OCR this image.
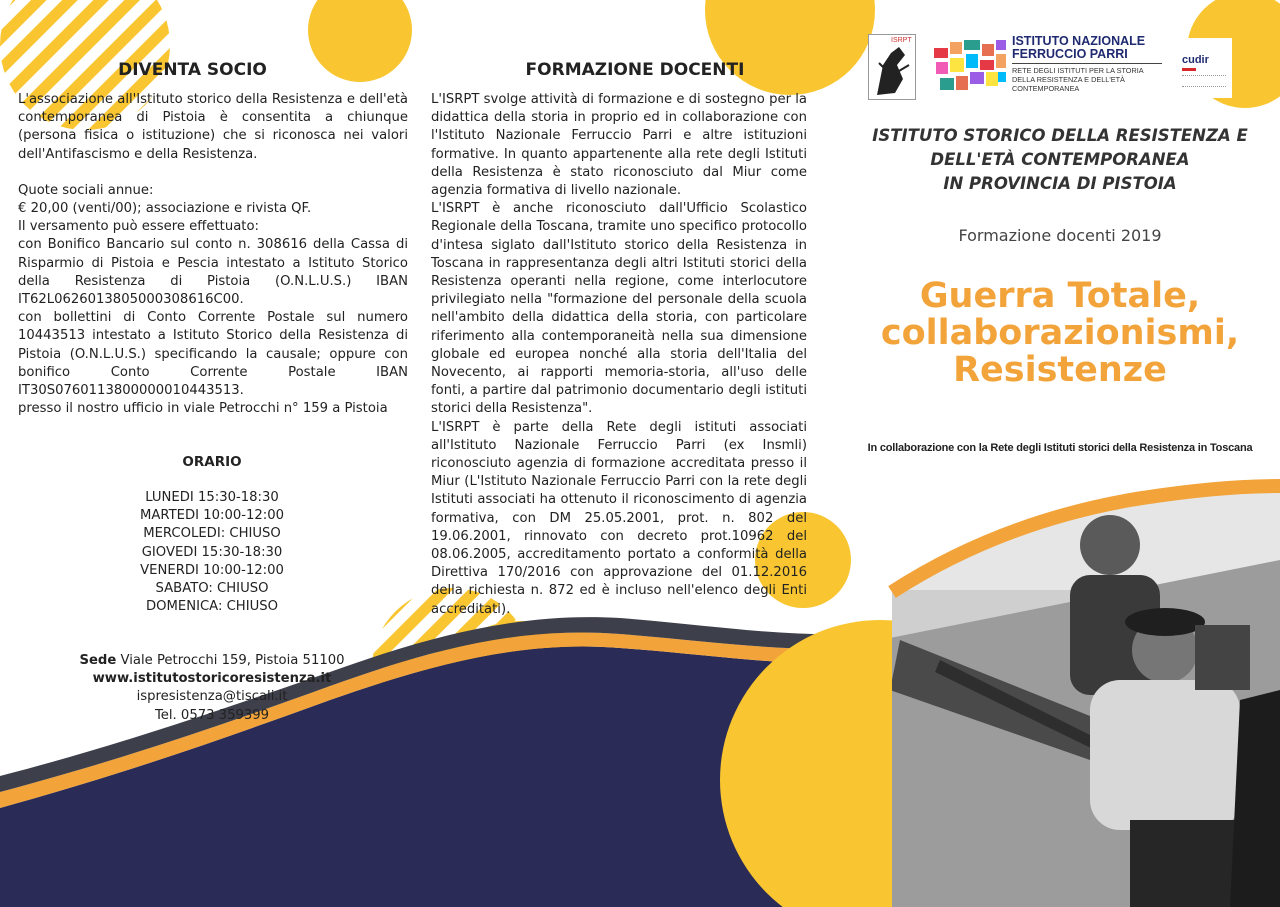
DIVENTA SOCIO

L'associazione all'Istituto storico della Resistenza e dell'età contemporanea di Pistoia è consentita a chiunque (persona fisica o istituzione) che si riconosca nei valori dell'Antifascismo e della Resistenza.

Quote sociali annue:

€ 20,00 (venti/00); associazione e rivista QF.

Il versamento può essere effettuato:

con Bonifico Bancario sul conto n. 308616 della Cassa di Risparmio di Pistoia e Pescia intestato a Istituto Storico della Resistenza di Pistoia (O.N.L.U.S.) IBAN IT62L0626013805000308616C00.

con bollettini di Conto Corrente Postale sul numero 10443513 intestato a Istituto Storico della Resistenza di Pistoia (O.N.L.U.S.) specificando la causale; oppure con bonifico Conto Corrente Postale IBAN IT30S0760113800000010443513.

presso il nostro ufficio in viale Petrocchi n° 159 a Pistoia

ORARIO

LUNEDI 15:30-18:30

MARTEDI 10:00-12:00

MERCOLEDI: CHIUSO

GIOVEDI 15:30-18:30

VENERDI 10:00-12:00

SABATO: CHIUSO

DOMENICA: CHIUSO

Sede Viale Petrocchi 159, Pistoia 51100

www.istitutostoricoresistenza.it

ispresistenza@tiscali.it

Tel. 0573 359399

FORMAZIONE DOCENTI

L'ISRPT svolge attività di formazione e di sostegno per la didattica della storia in proprio ed in collaborazione con l'Istituto Nazionale Ferruccio Parri e altre istituzioni formative. In quanto appartenente alla rete degli Istituti della Resistenza è stato riconosciuto dal Miur come agenzia formativa di livello nazionale.

L'ISRPT è anche riconosciuto dall'Ufficio Scolastico Regionale della Toscana, tramite uno specifico protocollo d'intesa siglato dall'Istituto storico della Resistenza in Toscana in rappresentanza degli altri Istituti storici della Resistenza operanti nella regione, come interlocutore privilegiato nella "formazione del personale della scuola nell'ambito della didattica della storia, con particolare riferimento alla contemporaneità nella sua dimensione globale ed europea nonché alla storia dell'Italia del Novecento, ai rapporti memoria-storia, all'uso delle fonti, a partire dal patrimonio documentario degli istituti storici della Resistenza".

L'ISRPT è parte della Rete degli istituti associati all'Istituto Nazionale Ferruccio Parri (ex Insmli) riconosciuto agenzia di formazione accreditata presso il Miur (L'Istituto Nazionale Ferruccio Parri con la rete degli Istituti associati ha ottenuto il riconoscimento di agenzia formativa, con DM 25.05.2001, prot. n. 802 del 19.06.2001, rinnovato con decreto prot.10962 del 08.06.2005, accreditamento portato a conformità della Direttiva 170/2016 con approvazione del 01.12.2016 della richiesta n. 872 ed è incluso nell'elenco degli Enti accreditati).

ISRPT	ISTITUTO NAZIONALE
FERRUCCIO PARRI
RETE DEGLI ISTITUTI PER LA STORIA
DELLA RESISTENZA E DELL'ETÀ
CONTEMPORANEA
cudir

ISTITUTO STORICO DELLA RESISTENZA E

DELL'ETÀ CONTEMPORANEA

IN PROVINCIA DI PISTOIA

Formazione docenti 2019

Guerra Totale,

collaborazionismi,

Resistenze

In collaborazione con la Rete degli Istituti storici della Resistenza in Toscana
